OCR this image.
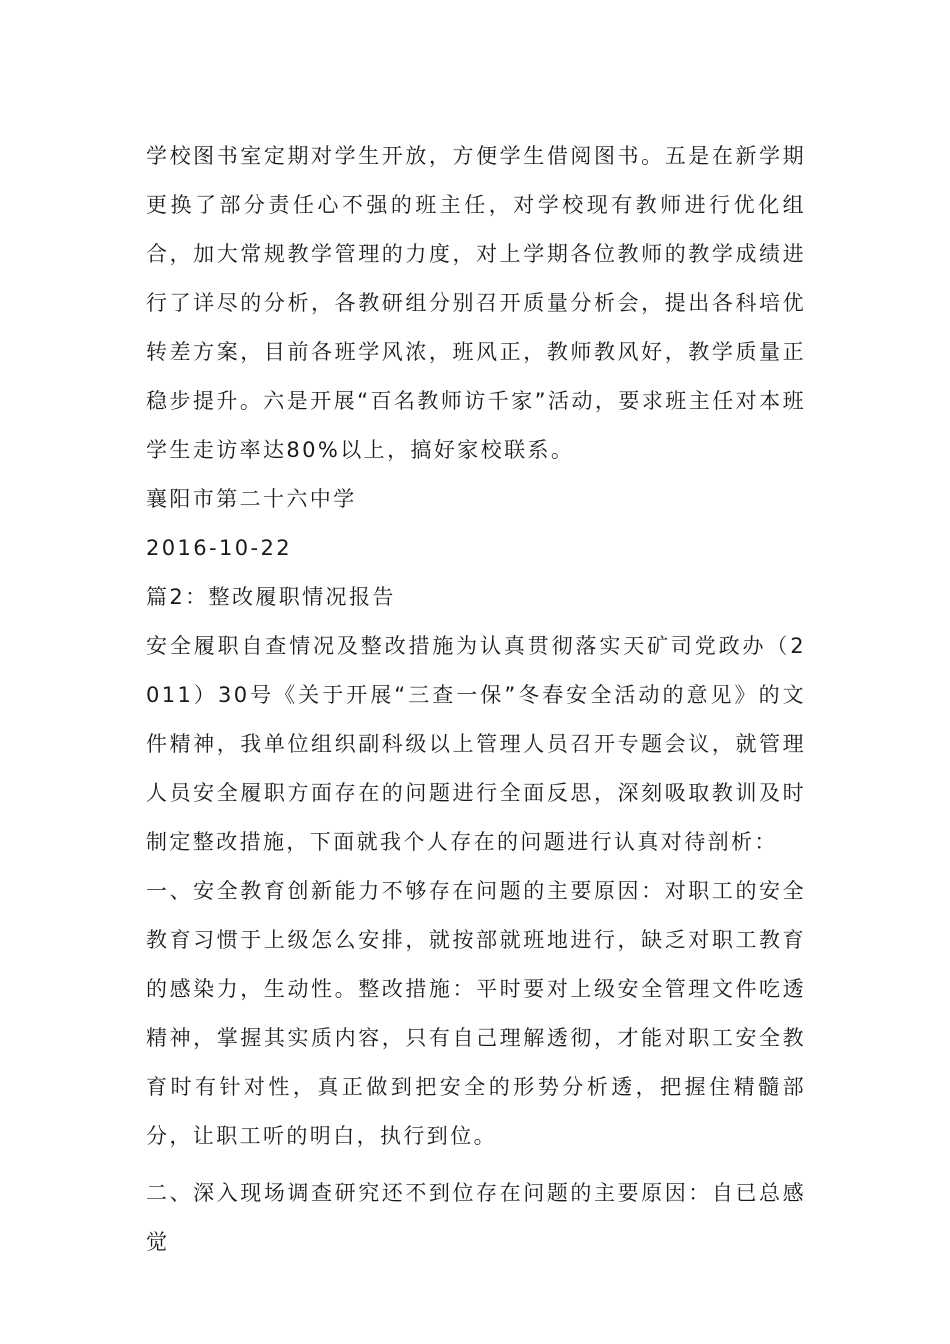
学校图书室定期对学生开放，方便学生借阅图书。五是在新学期更换了部分责任心不强的班主任，对学校现有教师进行优化组合，加大常规教学管理的力度，对上学期各位教师的教学成绩进行了详尽的分析，各教研组分别召开质量分析会，提出各科培优转差方案，目前各班学风浓，班风正，教师教风好，教学质量正稳步提升。六是开展“百名教师访千家”活动，要求班主任对本班学生走访率达80%以上，搞好家校联系。

襄阳市第二十六中学

2016-10-22

篇2：整改履职情况报告

安全履职自查情况及整改措施为认真贯彻落实天矿司党政办（2011）30号《关于开展“三查一保”冬春安全活动的意见》的文件精神，我单位组织副科级以上管理人员召开专题会议，就管理人员安全履职方面存在的问题进行全面反思，深刻吸取教训及时制定整改措施，下面就我个人存在的问题进行认真对待剖析：

一、安全教育创新能力不够存在问题的主要原因：对职工的安全教育习惯于上级怎么安排，就按部就班地进行，缺乏对职工教育的感染力，生动性。整改措施：平时要对上级安全管理文件吃透精神，掌握其实质内容，只有自己理解透彻，才能对职工安全教育时有针对性，真正做到把安全的形势分析透，把握住精髓部分，让职工听的明白，执行到位。

二、深入现场调查研究还不到位存在问题的主要原因：自已总感觉
